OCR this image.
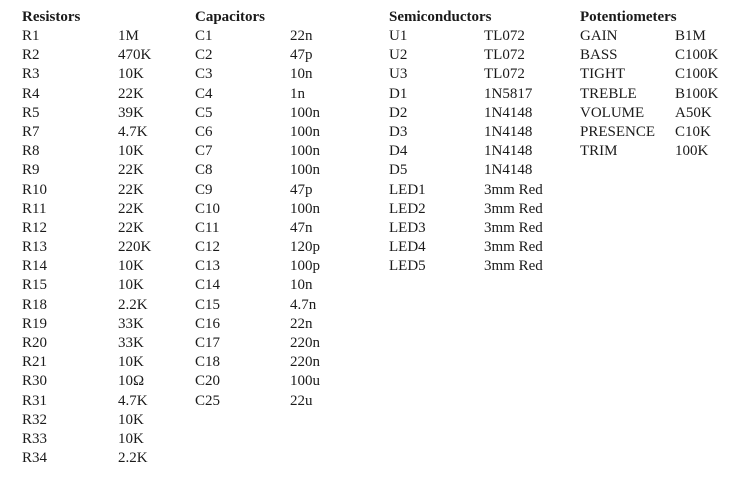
Resistors
R1	1M
R2	470K
R3	10K
R4	22K
R5	39K
R7	4.7K
R8	10K
R9	22K
R10	22K
R11	22K
R12	22K
R13	220K
R14	10K
R15	10K
R18	2.2K
R19	33K
R20	33K
R21	10K
R30	10Ω
R31	4.7K
R32	10K
R33	10K
R34	2.2K
Capacitors
C1	22n
C2	47p
C3	10n
C4	1n
C5	100n
C6	100n
C7	100n
C8	100n
C9	47p
C10	100n
C11	47n
C12	120p
C13	100p
C14	10n
C15	4.7n
C16	22n
C17	220n
C18	220n
C20	100u
C25	22u
Semiconductors
U1	TL072
U2	TL072
U3	TL072
D1	1N5817
D2	1N4148
D3	1N4148
D4	1N4148
D5	1N4148
LED1	3mm Red
LED2	3mm Red
LED3	3mm Red
LED4	3mm Red
LED5	3mm Red
Potentiometers
GAIN	B1M
BASS	C100K
TIGHT	C100K
TREBLE	B100K
VOLUME A50K
PRESENCE C10K
TRIM	100K
